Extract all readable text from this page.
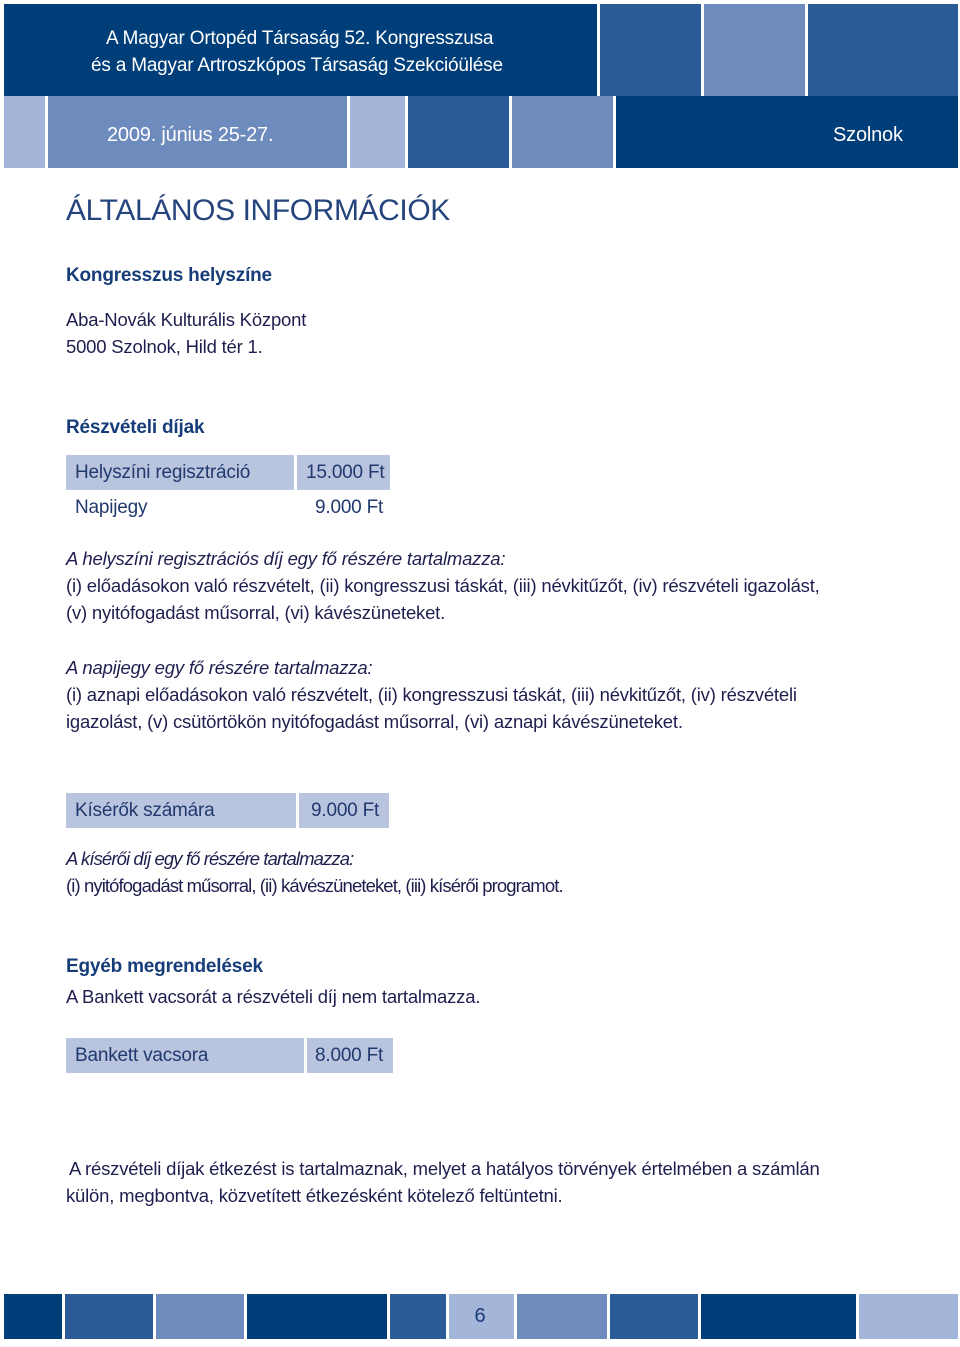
A Magyar Ortopéd Társaság 52. Kongresszusa
és a Magyar Artroszkópos Társaság Szekcióülése
2009. június 25-27.	Szolnok
ÁLTALÁNOS INFORMÁCIÓK
Kongresszus helyszíne
Aba-Novák Kulturális Központ
5000 Szolnok, Hild tér 1.
Részvételi díjak
Helyszíni regisztráció	15.000 Ft
Napijegy	9.000 Ft
A helyszíni regisztrációs díj egy fő részére tartalmazza:
(i) előadásokon való részvételt, (ii) kongresszusi táskát, (iii) névkitűzőt, (iv) részvételi igazolást,
(v) nyitófogadást műsorral, (vi) kávészüneteket.
A napijegy egy fő részére tartalmazza:
(i) aznapi előadásokon való részvételt, (ii) kongresszusi táskát, (iii) névkitűzőt, (iv) részvételi
igazolást, (v) csütörtökön nyitófogadást műsorral, (vi) aznapi kávészüneteket.
Kísérők számára	9.000 Ft
A kísérői díj egy fő részére tartalmazza:
(i) nyitófogadást műsorral, (ii) kávészüneteket, (iii) kísérői programot.
Egyéb megrendelések
A Bankett vacsorát a részvételi díj nem tartalmazza.
Bankett vacsora	8.000 Ft
A részvételi díjak étkezést is tartalmaznak, melyet a hatályos törvények értelmében a számlán
külön, megbontva, közvetített étkezésként kötelező feltüntetni.
6
